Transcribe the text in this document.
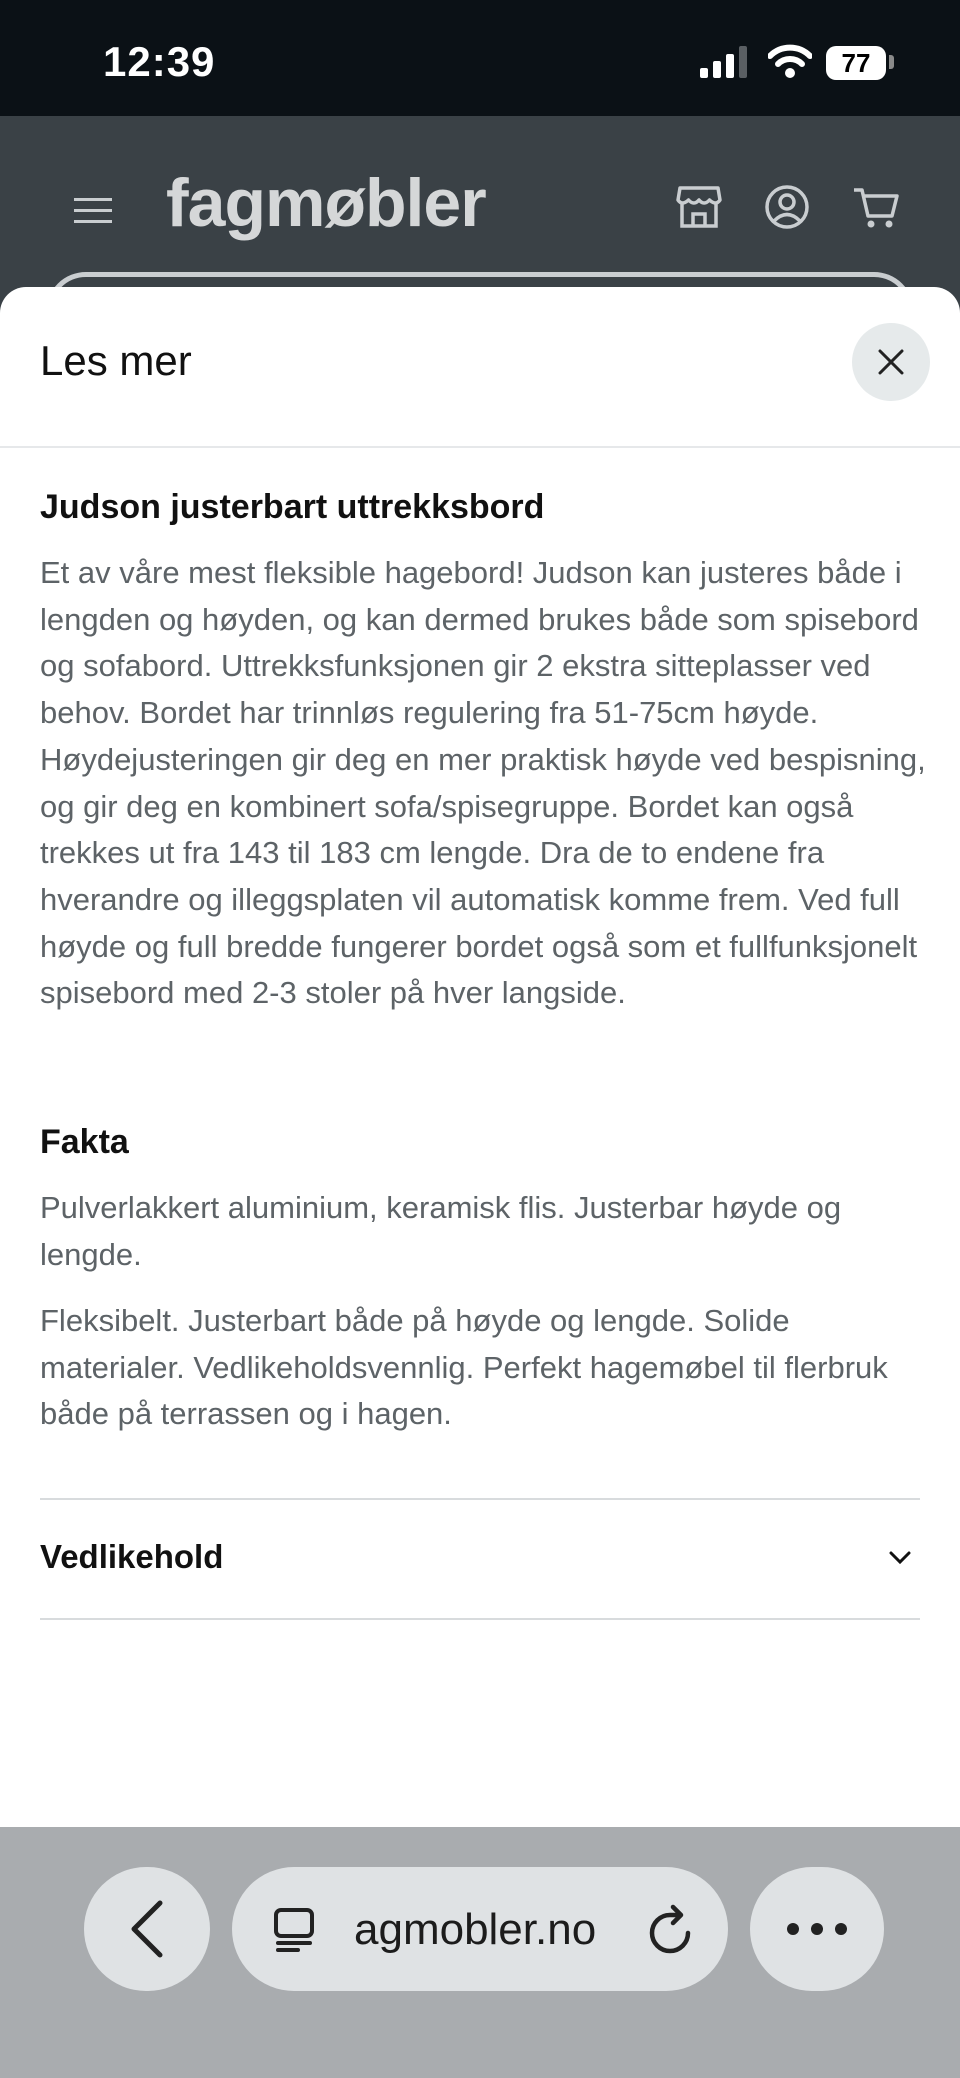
12:39	77
fagmøbler
Les mer
Judson justerbart uttrekksbord

Et av våre mest fleksible hagebord! Judson kan justeres både i lengden og høyden, og kan dermed brukes både som spisebord og sofabord. Uttrekksfunksjonen gir 2 ekstra sitteplasser ved behov. Bordet har trinnløs regulering fra 51-75cm høyde. Høydejusteringen gir deg en mer praktisk høyde ved bespisning, og gir deg en kombinert sofa/spisegruppe. Bordet kan også trekkes ut fra 143 til 183 cm lengde. Dra de to endene fra hverandre og illeggsplaten vil automatisk komme frem. Ved full høyde og full bredde fungerer bordet også som et fullfunksjonelt spisebord med 2-3 stoler på hver langside.

Fakta

Pulverlakkert aluminium, keramisk flis. Justerbar høyde og lengde.

Fleksibelt. Justerbart både på høyde og lengde. Solide materialer. Vedlikeholdsvennlig. Perfekt hagemøbel til flerbruk både på terrassen og i hagen.

Vedlikehold
agmobler.no
